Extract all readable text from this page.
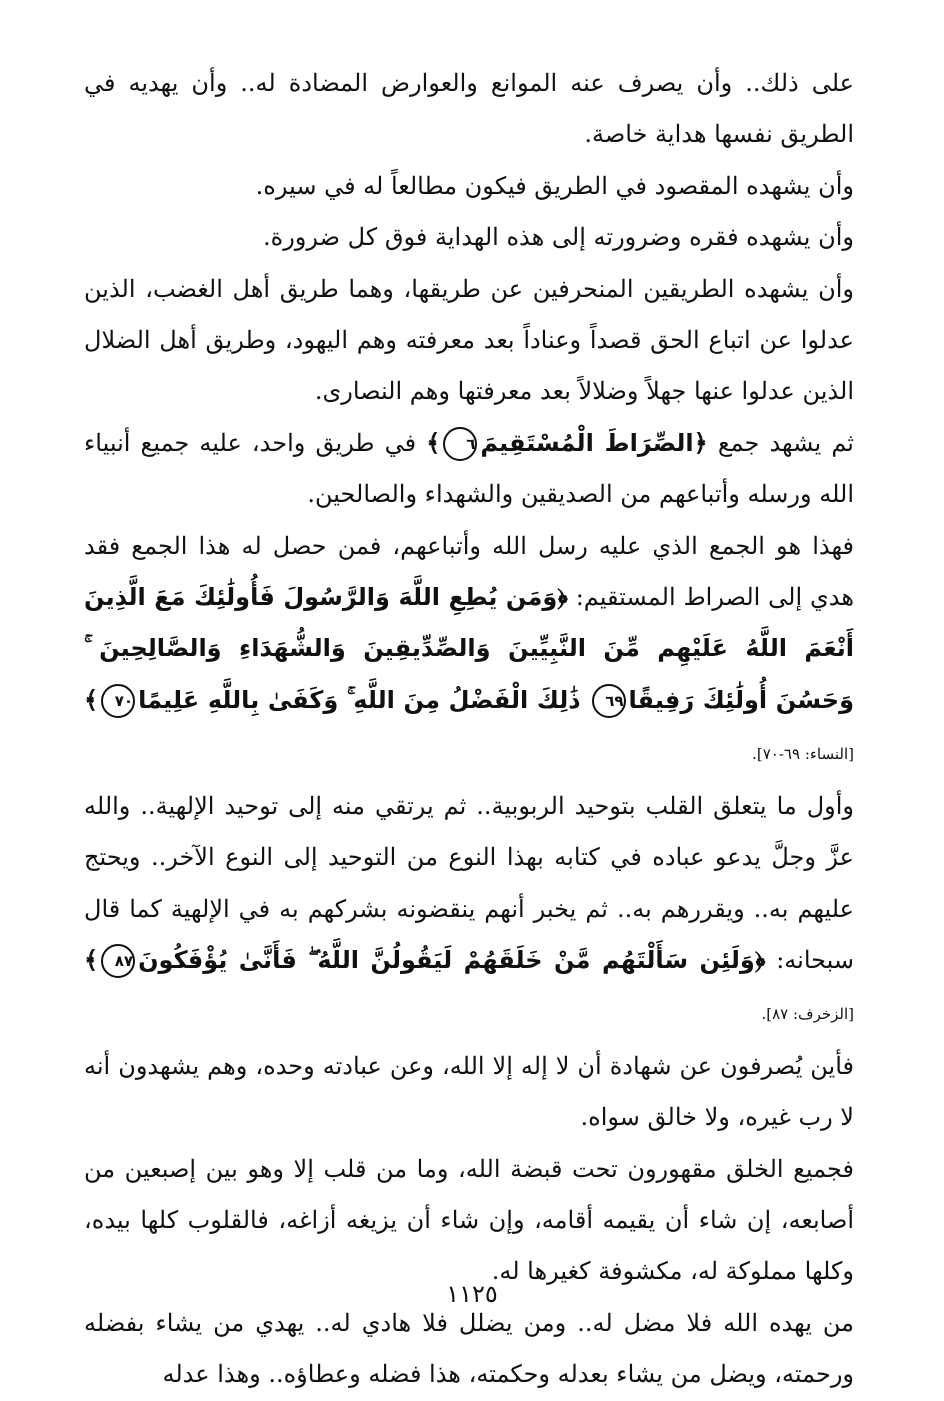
على ذلك.. وأن يصرف عنه الموانع والعوارض المضادة له.. وأن يهديه في الطريق نفسها هداية خاصة.

وأن يشهده المقصود في الطريق فيكون مطالعاً له في سيره.

وأن يشهده فقره وضرورته إلى هذه الهداية فوق كل ضرورة.

وأن يشهده الطريقين المنحرفين عن طريقها، وهما طريق أهل الغضب، الذين عدلوا عن اتباع الحق قصداً وعناداً بعد معرفته وهم اليهود، وطريق أهل الضلال الذين عدلوا عنها جهلاً وضلالاً بعد معرفتها وهم النصارى.

ثم يشهد جمع ﴿الصِّرَاطَ الْمُسْتَقِيمَ٦﴾ في طريق واحد، عليه جميع أنبياء الله ورسله وأتباعهم من الصديقين والشهداء والصالحين.

فهذا هو الجمع الذي عليه رسل الله وأتباعهم، فمن حصل له هذا الجمع فقد هدي إلى الصراط المستقيم: ﴿وَمَن يُطِعِ اللَّهَ وَالرَّسُولَ فَأُولَٰئِكَ مَعَ الَّذِينَ أَنْعَمَ اللَّهُ عَلَيْهِم مِّنَ النَّبِيِّينَ وَالصِّدِّيقِينَ وَالشُّهَدَاءِ وَالصَّالِحِينَ ۚ وَحَسُنَ أُولَٰئِكَ رَفِيقًا٦٩ ذَٰلِكَ الْفَضْلُ مِنَ اللَّهِ ۚ وَكَفَىٰ بِاللَّهِ عَلِيمًا٧٠﴾ [النساء: ٦٩-٧٠].

وأول ما يتعلق القلب بتوحيد الربوبية.. ثم يرتقي منه إلى توحيد الإلهية.. والله عزَّ وجلَّ يدعو عباده في كتابه بهذا النوع من التوحيد إلى النوع الآخر.. ويحتج عليهم به.. ويقررهم به.. ثم يخبر أنهم ينقضونه بشركهم به في الإلهية كما قال سبحانه: ﴿وَلَئِن سَأَلْتَهُم مَّنْ خَلَقَهُمْ لَيَقُولُنَّ اللَّهُ ۖ فَأَنَّىٰ يُؤْفَكُونَ٨٧﴾ [الزخرف: ٨٧].

فأين يُصرفون عن شهادة أن لا إله إلا الله، وعن عبادته وحده، وهم يشهدون أنه لا رب غيره، ولا خالق سواه.

فجميع الخلق مقهورون تحت قبضة الله، وما من قلب إلا وهو بين إصبعين من أصابعه، إن شاء أن يقيمه أقامه، وإن شاء أن يزيغه أزاغه، فالقلوب كلها بيده، وكلها مملوكة له، مكشوفة كغيرها له.

من يهده الله فلا مضل له.. ومن يضلل فلا هادي له.. يهدي من يشاء بفضله ورحمته، ويضل من يشاء بعدله وحكمته، هذا فضله وعطاؤه.. وهذا عدله

١١٢٥
